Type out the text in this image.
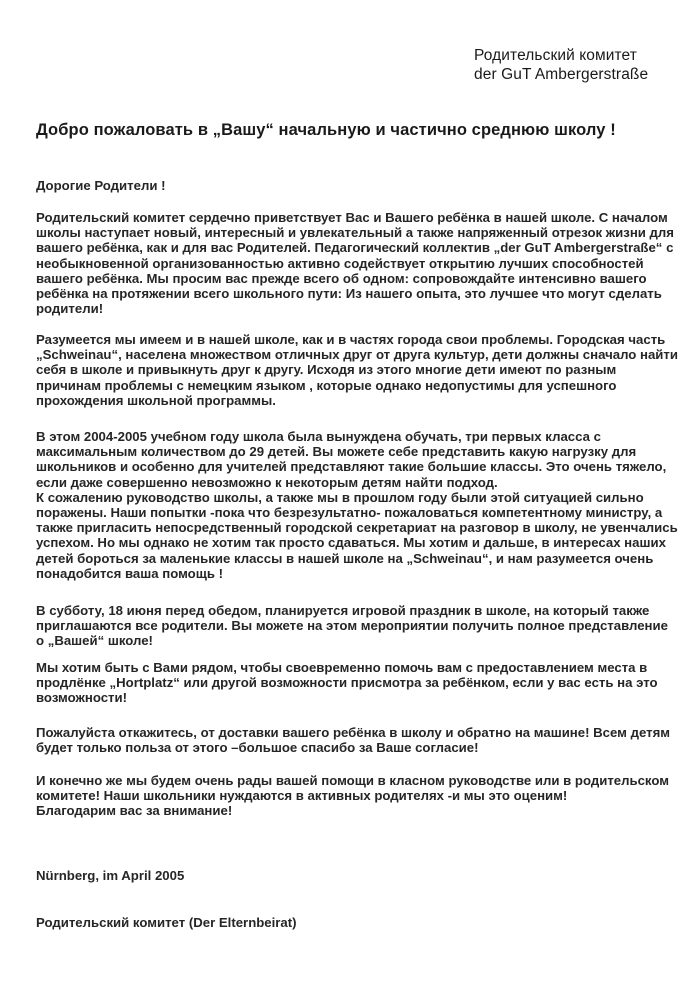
Родительский комитет
der GuT Ambergerstraße
Добро пожаловать в „Вашу“ начальную и частично среднюю школу !
Дорогие Родители !
Родительский комитет сердечно приветствует Вас и Вашего ребёнка в нашей школе. С началом
школы наступает новый, интересный и увлекательный а также напряженный отрезок жизни для
вашего ребёнка, как и для вас Родителей. Педагогический коллектив „der GuT Ambergerstraße“ с
необыкновенной организованностью активно содействует открытию лучших способностей
вашего ребёнка. Мы просим вас прежде всего об одном: сопровождайте интенсивно вашего
ребёнка на протяжении всего школьного пути: Из нашего опыта, это лучшее что могут сделать
родители!
Разумеется мы имеем и в нашей школе, как и в частях города свои проблемы. Городская часть
„Schweinau“, населена множеством отличных друг от друга культур, дети должны сначало найти
себя в школе и привыкнуть друг к другу. Исходя из этого многие дети имеют по разным
причинам проблемы с немецким языком , которые однако недопустимы для успешного
прохождения школьной программы.
В этом 2004-2005 учебном году школа была вынуждена обучать, три первых класса с
максимальным количеством до 29 детей. Вы можете себе представить какую нагрузку для
школьников и особенно для учителей представляют такие большие классы. Это очень тяжело,
если даже совершенно невозможно к некоторым детям найти подход.
К сожалению руководство школы, а также мы в прошлом году были этой ситуацией сильно
поражены. Наши попытки -пока что безрезультатно- пожаловаться компетентному министру, а
также пригласить непосредственный городской секретариат на разговор в школу, не увенчались
успехом. Но мы однако не хотим так просто сдаваться. Мы хотим и дальше, в интересах наших
детей бороться за маленькие классы в нашей школе на „Schweinau“, и нам разумеется очень
понадобится ваша помощь !
В субботу, 18 июня перед обедом, планируется игровой праздник в школе, на который также
приглашаются все родители. Вы можете на этом мероприятии получить полное представление
о „Вашей“ школе!
Мы хотим быть с Вами рядом, чтобы своевременно помочь вам с предоставлением места в
продлёнке „Hortplatz“ или другой возможности присмотра за ребёнком, если у вас есть на это
возможности!
Пожалуйста откажитесь, от доставки вашего ребёнка в школу и обратно на машине! Всем детям
будет только польза от этого –большое спасибо за Ваше согласие!
И конечно же мы будем очень рады вашей помощи в класном руководстве или в родительском
комитете! Наши школьники нуждаются в активных родителях -и мы это оценим!
Благодарим вас за внимание!
Nürnberg, im April 2005
Родительский комитет (Der Elternbeirat)
